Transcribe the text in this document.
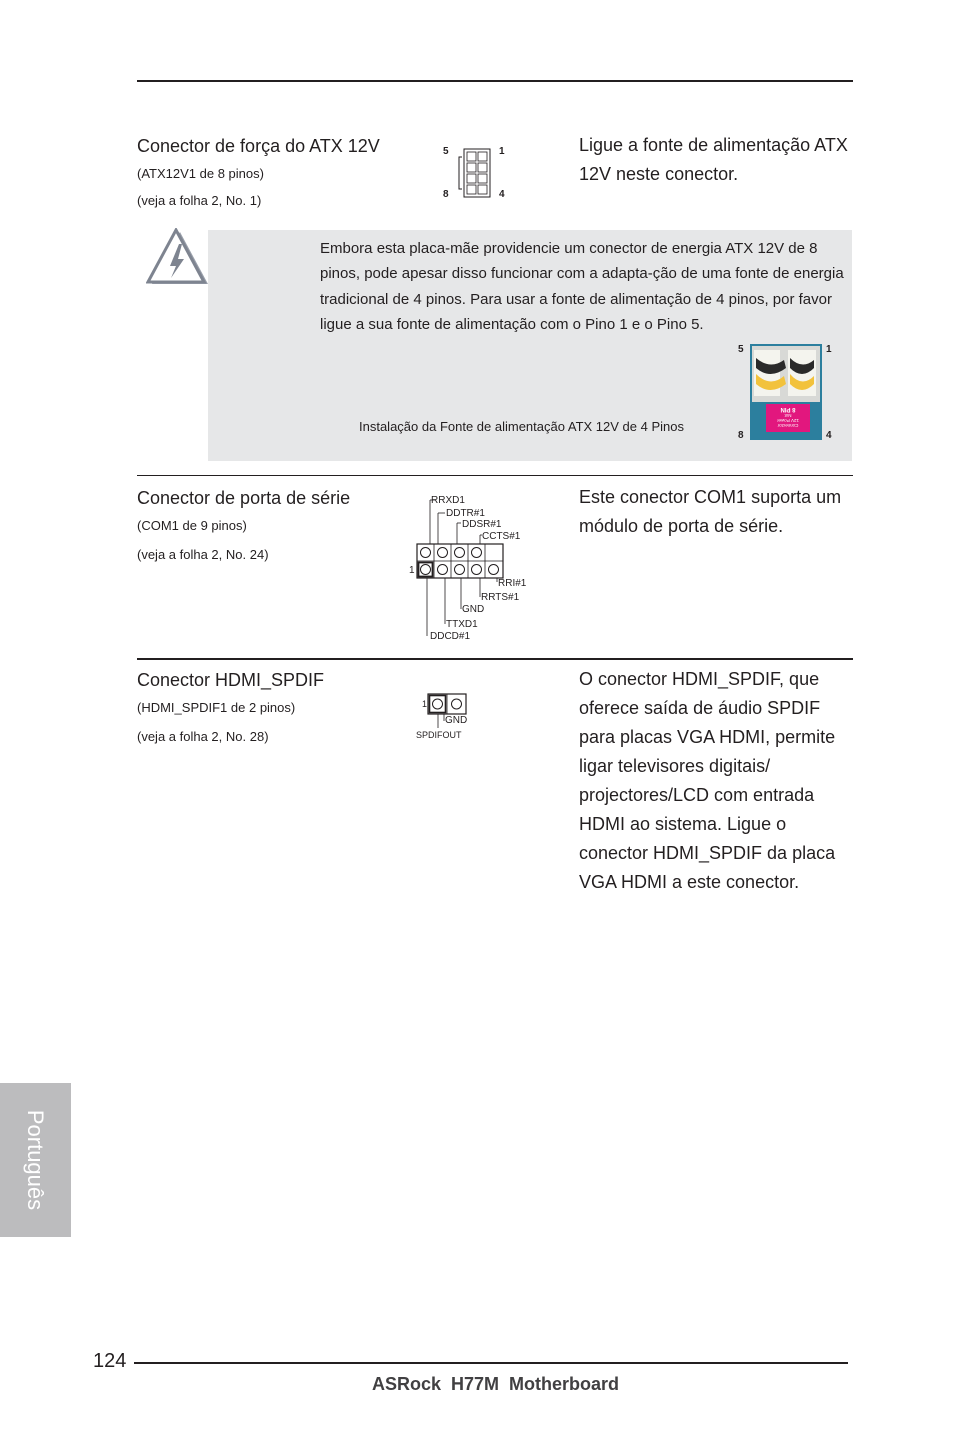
Conector de força do ATX 12V
(ATX12V1 de 8 pinos)
(veja a folha 2, No. 1)
5	1
8	4
Ligue a fonte de alimentação ATX 12V neste conector.
Embora esta placa-mãe providencie um conector de energia ATX 12V de 8 pinos, pode apesar disso funcionar com a adapta-ção de uma fonte de energia tradicional de 4 pinos. Para usar a fonte de alimentação de 4 pinos, por favor ligue a sua fonte de alimentação com o Pino 1 e o Pino 5.
Instalação da Fonte de alimentação ATX 12V de 4 Pinos
5	1
8	4
Connector
12V Power
Not
8 PIN
Conector de porta de série
(COM1 de 9 pinos)
(veja a folha 2, No. 24)
Este conector COM1 suporta um módulo de porta de série.
1
RRXD1
DDTR#1
DDSR#1
CCTS#1
RRI#1
RRTS#1
GND
TTXD1
DDCD#1
Conector HDMI_SPDIF
(HDMI_SPDIF1 de 2 pinos)
(veja a folha 2, No. 28)
O conector HDMI_SPDIF, que oferece saída de áudio SPDIF para placas VGA HDMI, permite ligar televisores digitais/ projectores/LCD com entrada HDMI ao sistema. Ligue o conector HDMI_SPDIF da placa VGA HDMI a este conector.
1
GND
SPDIFOUT
Português
124
ASRock  H77M  Motherboard
